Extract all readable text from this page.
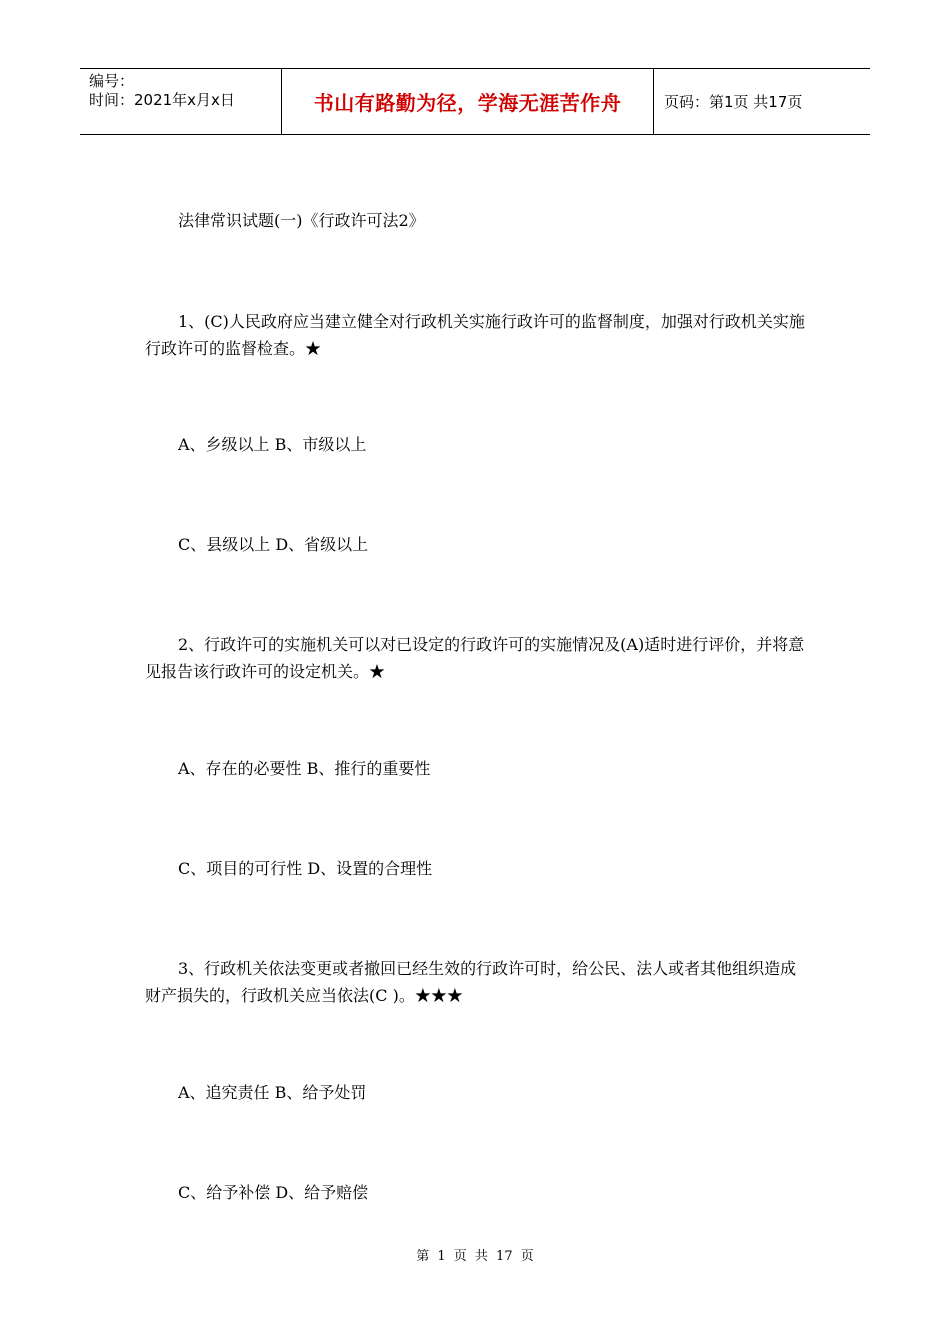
编号：
时间：2021年x月x日	书山有路勤为径，学海无涯苦作舟	页码：第1页 共17页
法律常识试题(一)《行政许可法2》
1、(C)人民政府应当建立健全对行政机关实施行政许可的监督制度，加强对行政机关实施行政许可的监督检查。★
A、乡级以上 B、市级以上
C、县级以上 D、省级以上
2、行政许可的实施机关可以对已设定的行政许可的实施情况及(A)适时进行评价，并将意见报告该行政许可的设定机关。★
A、存在的必要性 B、推行的重要性
C、项目的可行性 D、设置的合理性
3、行政机关依法变更或者撤回已经生效的行政许可时，给公民、法人或者其他组织造成财产损失的，行政机关应当依法(C )。★★★
A、追究责任 B、给予处罚
C、给予补偿 D、给予赔偿
第 1 页 共 17 页
